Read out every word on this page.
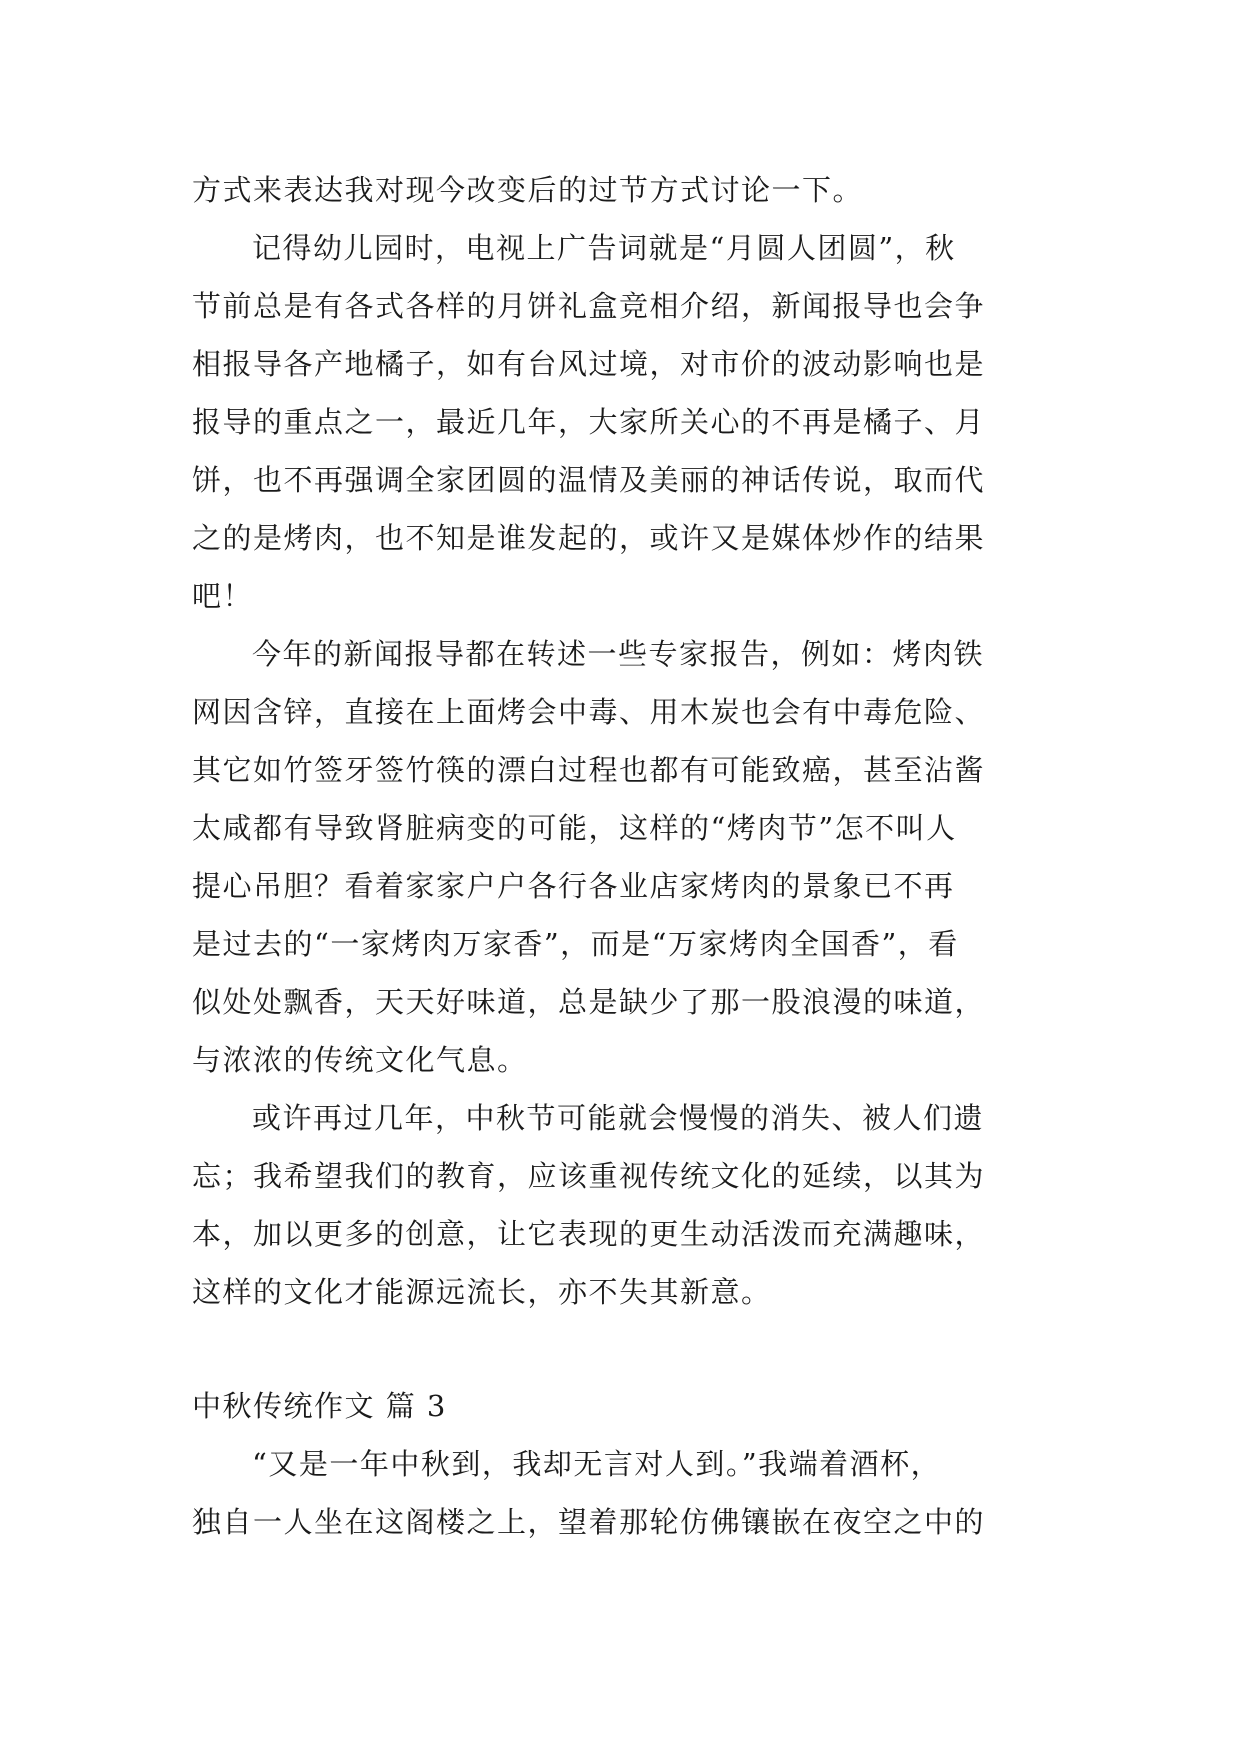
方式来表达我对现今改变后的过节方式讨论一下。
记得幼儿园时，电视上广告词就是“月圆人团圆”，秋
节前总是有各式各样的月饼礼盒竞相介绍，新闻报导也会争
相报导各产地橘子，如有台风过境，对市价的波动影响也是
报导的重点之一，最近几年，大家所关心的不再是橘子、月
饼，也不再强调全家团圆的温情及美丽的神话传说，取而代
之的是烤肉，也不知是谁发起的，或许又是媒体炒作的结果
吧！
今年的新闻报导都在转述一些专家报告，例如：烤肉铁
网因含锌，直接在上面烤会中毒、用木炭也会有中毒危险、
其它如竹签牙签竹筷的漂白过程也都有可能致癌，甚至沾酱
太咸都有导致肾脏病变的可能，这样的“烤肉节”怎不叫人
提心吊胆？看着家家户户各行各业店家烤肉的景象已不再
是过去的“一家烤肉万家香”，而是“万家烤肉全国香”，看
似处处飘香，天天好味道，总是缺少了那一股浪漫的味道，
与浓浓的传统文化气息。
或许再过几年，中秋节可能就会慢慢的消失、被人们遗
忘；我希望我们的教育，应该重视传统文化的延续，以其为
本，加以更多的创意，让它表现的更生动活泼而充满趣味，
这样的文化才能源远流长，亦不失其新意。
中秋传统作文 篇 3
“又是一年中秋到，我却无言对人到。”我端着酒杯，
独自一人坐在这阁楼之上，望着那轮仿佛镶嵌在夜空之中的
